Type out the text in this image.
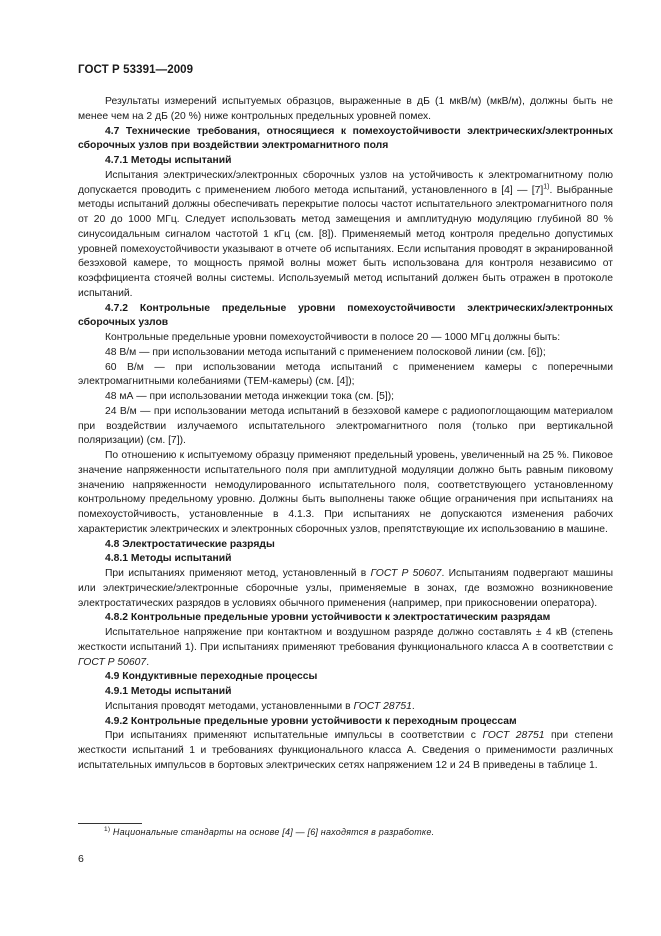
ГОСТ Р 53391—2009

Результаты измерений испытуемых образцов, выраженные в дБ (1 мкВ/м) (мкВ/м), должны быть не менее чем на 2 дБ (20 %) ниже контрольных предельных уровней помех.

4.7 Технические требования, относящиеся к помехоустойчивости электрических/электронных сборочных узлов при воздействии электромагнитного поля

4.7.1 Методы испытаний

Испытания электрических/электронных сборочных узлов на устойчивость к электромагнитному полю допускается проводить с применением любого метода испытаний, установленного в [4] — $[7]^{1)}$. Выбранные методы испытаний должны обеспечивать перекрытие полосы частот испытательного электромагнитного поля от 20 до 1000 МГц. Следует использовать метод замещения и амплитудную модуляцию глубиной 80 % синусоидальным сигналом частотой 1 кГц (см. [8]). Применяемый метод контроля предельно допустимых уровней помехоустойчивости указывают в отчете об испытаниях. Если испытания проводят в экранированной безэховой камере, то мощность прямой волны может быть использована для контроля независимо от коэффициента стоячей волны системы. Используемый метод испытаний должен быть отражен в протоколе испытаний.

4.7.2 Контрольные предельные уровни помехоустойчивости электрических/электронных сборочных узлов

Контрольные предельные уровни помехоустойчивости в полосе 20 — 1000 МГц должны быть:

48 В/м — при использовании метода испытаний с применением полосковой линии (см. [6]);

60 В/м — при использовании метода испытаний с применением камеры с поперечными электромагнитными колебаниями (ТЕМ-камеры) (см. [4]);

48 мА — при использовании метода инжекции тока (см. [5]);

24 В/м — при использовании метода испытаний в безэховой камере с радиопоглощающим материалом при воздействии излучаемого испытательного электромагнитного поля (только при вертикальной поляризации) (см. [7]).

По отношению к испытуемому образцу применяют предельный уровень, увеличенный на 25 %. Пиковое значение напряженности испытательного поля при амплитудной модуляции должно быть равным пиковому значению напряженности немодулированного испытательного поля, соответствующего установленному контрольному предельному уровню. Должны быть выполнены также общие ограничения при испытаниях на помехоустойчивость, установленные в 4.1.3. При испытаниях не допускаются изменения рабочих характеристик электрических и электронных сборочных узлов, препятствующие их использованию в машине.

4.8 Электростатические разряды

4.8.1 Методы испытаний

При испытаниях применяют метод, установленный в ГОСТ Р 50607. Испытаниям подвергают машины или электрические/электронные сборочные узлы, применяемые в зонах, где возможно возникновение электростатических разрядов в условиях обычного применения (например, при прикосновении оператора).

4.8.2 Контрольные предельные уровни устойчивости к электростатическим разрядам

Испытательное напряжение при контактном и воздушном разряде должно составлять ± 4 кВ (степень жесткости испытаний 1). При испытаниях применяют требования функционального класса А в соответствии с ГОСТ Р 50607.

4.9 Кондуктивные переходные процессы

4.9.1 Методы испытаний

Испытания проводят методами, установленными в ГОСТ 28751.

4.9.2 Контрольные предельные уровни устойчивости к переходным процессам

При испытаниях применяют испытательные импульсы в соответствии с ГОСТ 28751 при степени жесткости испытаний 1 и требованиях функционального класса А. Сведения о применимости различных испытательных импульсов в бортовых электрических сетях напряжением 12 и 24 В приведены в таблице 1.

$^{1)}$ Национальные стандарты на основе [4] — [6] находятся в разработке.
6
